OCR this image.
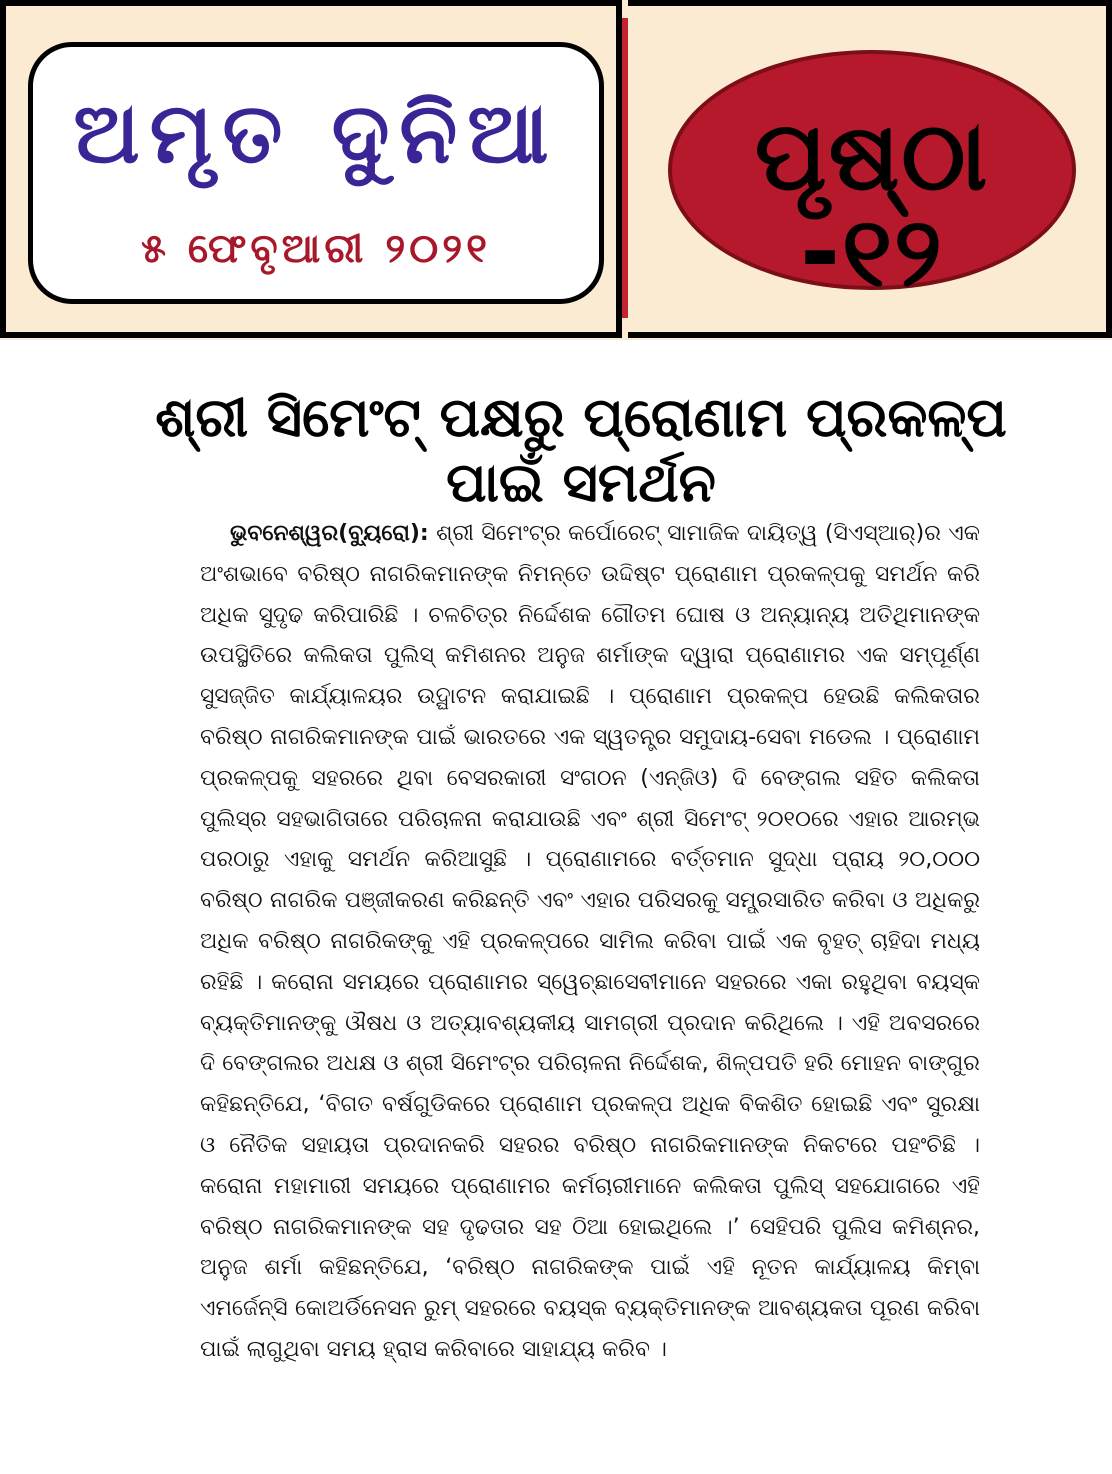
ଅମୃତ ଦୁନିଆ
୫ ଫେବୃଆରୀ ୨୦୨୧
ପୃଷ୍ଠା -୧୨
ଶ୍ରୀ ସିମେଂଟ୍ ପକ୍ଷରୁ ପ୍ରୋଣାମ ପ୍ରକଳ୍ପ ପାଇଁ ସମର୍ଥନ

ଭୁବନେଶ୍ୱର(ବ୍ୟୁରୋ): ଶ୍ରୀ ସିମେଂଟ୍‌ର କର୍ପୋରେଟ୍ ସାମାଜିକ ଦାୟିତ୍ୱ (ସିଏସ୍ଆର୍)ର ଏକ ଅଂଶଭାବେ ବରିଷ୍ଠ ନାଗରିକମାନଙ୍କ ନିମନ୍ତେ ଉଦ୍ଦିଷ୍ଟ ପ୍ରୋଣାମ ପ୍ରକଳ୍ପକୁ ସମର୍ଥନ କରି ଅଧିକ ସୁଦୃଢ କରିପାରିଛି । ଚଳଚିତ୍ର ନିର୍ଦ୍ଦେଶକ ଗୌତମ ଘୋଷ ଓ ଅନ୍ୟାନ୍ୟ ଅତିଥିମାନଙ୍କ ଉପସ୍ଥିତିରେ କଲିକତା ପୁଲିସ୍ କମିଶନର ଅନୁଜ ଶର୍ମାଙ୍କ ଦ୍ୱାରା ପ୍ରୋଣାମର ଏକ ସମ୍ପୂର୍ଣ୍ଣ ସୁସଜ୍ଜିତ କାର୍ଯ୍ୟାଳୟର ଉଦ୍ଘାଟନ କରାଯାଇଛି । ପ୍ରୋଣାମ ପ୍ରକଳ୍ପ ହେଉଛି କଲିକତାର ବରିଷ୍ଠ ନାଗରିକମାନଙ୍କ ପାଇଁ ଭାରତରେ ଏକ ସ୍ୱତନ୍ତ୍ର ସମୁଦାୟ-ସେବା ମଡେଲ । ପ୍ରୋଣାମ ପ୍ରକଳ୍ପକୁ ସହରରେ ଥିବା ବେସରକାରୀ ସଂଗଠନ (ଏନ୍‌ଜିଓ) ଦି ବେଙ୍ଗଲ ସହିତ କଲିକତା ପୁଲିସ୍‌ର ସହଭାଗିତାରେ ପରିଚାଳନା କରାଯାଉଛି ଏବଂ ଶ୍ରୀ ସିମେଂଟ୍ ୨୦୧୦ରେ ଏହାର ଆରମ୍ଭ ପରଠାରୁ ଏହାକୁ ସମର୍ଥନ କରିଆସୁଛି । ପ୍ରୋଣାମରେ ବର୍ତ୍ତମାନ ସୁଦ୍ଧା ପ୍ରାୟ ୨୦,୦୦୦ ବରିଷ୍ଠ ନାଗରିକ ପଞ୍ଜୀକରଣ କରିଛନ୍ତି ଏବଂ ଏହାର ପରିସରକୁ ସମ୍ପ୍ରସାରିତ କରିବା ଓ ଅଧିକରୁ ଅଧିକ ବରିଷ୍ଠ ନାଗରିକଙ୍କୁ ଏହି ପ୍ରକଳ୍ପରେ ସାମିଲ କରିବା ପାଇଁ ଏକ ବୃହତ୍ ଚାହିଦା ମଧ୍ୟ ରହିଛି । କରୋନା ସମୟରେ ପ୍ରୋଣାମର ସ୍ୱେଚ୍ଛାସେବୀମାନେ ସହରରେ ଏକା ରହୁଥିବା ବୟସ୍କ ବ୍ୟକ୍ତିମାନଙ୍କୁ ଔଷଧ ଓ ଅତ୍ୟାବଶ୍ୟକୀୟ ସାମଗ୍ରୀ ପ୍ରଦାନ କରିଥିଲେ । ଏହି ଅବସରରେ ଦି ବେଙ୍ଗଲର ଅଧକ୍ଷ ଓ ଶ୍ରୀ ସିମେଂଟ୍‌ର ପରିଚାଳନା ନିର୍ଦ୍ଦେଶକ, ଶିଳ୍ପପତି ହରି ମୋହନ ବାଙ୍ଗୁର କହିଛନ୍ତିଯେ, ‘ବିଗତ ବର୍ଷଗୁଡିକରେ ପ୍ରୋଣାମ ପ୍ରକଳ୍ପ ଅଧିକ ବିକଶିତ ହୋଇଛି ଏବଂ ସୁରକ୍ଷା ଓ ନୈତିକ ସହାୟତା ପ୍ରଦାନକରି ସହରର ବରିଷ୍ଠ ନାଗରିକମାନଙ୍କ ନିକଟରେ ପହଂଚିଛି । କରୋନା ମହାମାରୀ ସମୟରେ ପ୍ରୋଣାମର କର୍ମଚାରୀମାନେ କଲିକତା ପୁଲିସ୍ ସହଯୋଗରେ ଏହି ବରିଷ୍ଠ ନାଗରିକମାନଙ୍କ ସହ ଦୃଢତାର ସହ ଠିଆ ହୋଇଥିଲେ ।’ ସେହିପରି ପୁଲିସ କମିଶ୍ନର, ଅନୁଜ ଶର୍ମା କହିଛନ୍ତିଯେ, ‘ବରିଷ୍ଠ ନାଗରିକଙ୍କ ପାଇଁ ଏହି ନୂତନ କାର୍ଯ୍ୟାଳୟ କିମ୍ବା ଏମର୍ଜେନ୍ସି କୋଅର୍ଡିନେସନ ରୁମ୍ ସହରରେ ବୟସ୍କ ବ୍ୟକ୍ତିମାନଙ୍କ ଆବଶ୍ୟକତା ପୂରଣ କରିବା ପାଇଁ ଲାଗୁଥିବା ସମୟ ହ୍ରାସ କରିବାରେ ସାହାଯ୍ୟ କରିବ ।
